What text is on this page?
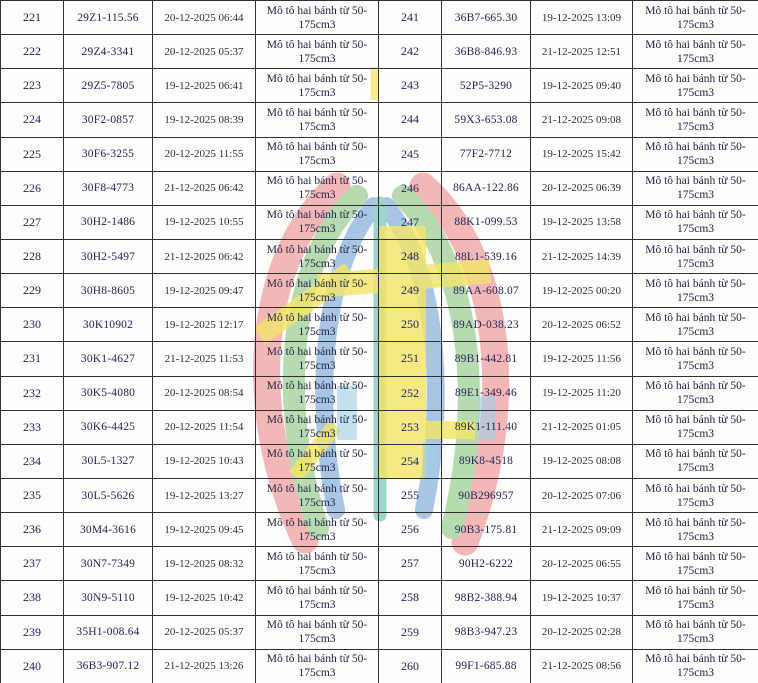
221	29Z1-115.56	20-12-2025 06:44	Mô tô hai bánh từ 50-175cm3
222	29Z4-3341	20-12-2025 05:37	Mô tô hai bánh từ 50-175cm3
223	29Z5-7805	19-12-2025 06:41	Mô tô hai bánh từ 50-175cm3
224	30F2-0857	19-12-2025 08:39	Mô tô hai bánh từ 50-175cm3
225	30F6-3255	20-12-2025 11:55	Mô tô hai bánh từ 50-175cm3
226	30F8-4773	21-12-2025 06:42	Mô tô hai bánh từ 50-175cm3
227	30H2-1486	19-12-2025 10:55	Mô tô hai bánh từ 50-175cm3
228	30H2-5497	21-12-2025 06:42	Mô tô hai bánh từ 50-175cm3
229	30H8-8605	19-12-2025 09:47	Mô tô hai bánh từ 50-175cm3
230	30K10902	19-12-2025 12:17	Mô tô hai bánh từ 50-175cm3
231	30K1-4627	21-12-2025 11:53	Mô tô hai bánh từ 50-175cm3
232	30K5-4080	20-12-2025 08:54	Mô tô hai bánh từ 50-175cm3
233	30K6-4425	20-12-2025 11:54	Mô tô hai bánh từ 50-175cm3
234	30L5-1327	19-12-2025 10:43	Mô tô hai bánh từ 50-175cm3
235	30L5-5626	19-12-2025 13:27	Mô tô hai bánh từ 50-175cm3
236	30M4-3616	19-12-2025 09:45	Mô tô hai bánh từ 50-175cm3
237	30N7-7349	19-12-2025 08:32	Mô tô hai bánh từ 50-175cm3
238	30N9-5110	19-12-2025 10:42	Mô tô hai bánh từ 50-175cm3
239	35H1-008.64	20-12-2025 05:37	Mô tô hai bánh từ 50-175cm3
240	36B3-907.12	21-12-2025 13:26	Mô tô hai bánh từ 50-175cm3
241	36B7-665.30	19-12-2025 13:09	Mô tô hai bánh từ 50-175cm3
242	36B8-846.93	21-12-2025 12:51	Mô tô hai bánh từ 50-175cm3
243	52P5-3290	19-12-2025 09:40	Mô tô hai bánh từ 50-175cm3
244	59X3-653.08	21-12-2025 09:08	Mô tô hai bánh từ 50-175cm3
245	77F2-7712	19-12-2025 15:42	Mô tô hai bánh từ 50-175cm3
246	86AA-122.86	20-12-2025 06:39	Mô tô hai bánh từ 50-175cm3
247	88K1-099.53	19-12-2025 13:58	Mô tô hai bánh từ 50-175cm3
248	88L1-539.16	21-12-2025 14:39	Mô tô hai bánh từ 50-175cm3
249	89AA-608.07	19-12-2025 00:20	Mô tô hai bánh từ 50-175cm3
250	89AD-038.23	20-12-2025 06:52	Mô tô hai bánh từ 50-175cm3
251	89B1-442.81	19-12-2025 11:56	Mô tô hai bánh từ 50-175cm3
252	89E1-349.46	19-12-2025 11:20	Mô tô hai bánh từ 50-175cm3
253	89K1-111.40	21-12-2025 01:05	Mô tô hai bánh từ 50-175cm3
254	89K8-4518	19-12-2025 08:08	Mô tô hai bánh từ 50-175cm3
255	90B296957	20-12-2025 07:06	Mô tô hai bánh từ 50-175cm3
256	90B3-175.81	21-12-2025 09:09	Mô tô hai bánh từ 50-175cm3
257	90H2-6222	20-12-2025 06:55	Mô tô hai bánh từ 50-175cm3
258	98B2-388.94	19-12-2025 10:37	Mô tô hai bánh từ 50-175cm3
259	98B3-947.23	20-12-2025 02:28	Mô tô hai bánh từ 50-175cm3
260	99F1-685.88	21-12-2025 08:56	Mô tô hai bánh từ 50-175cm3
